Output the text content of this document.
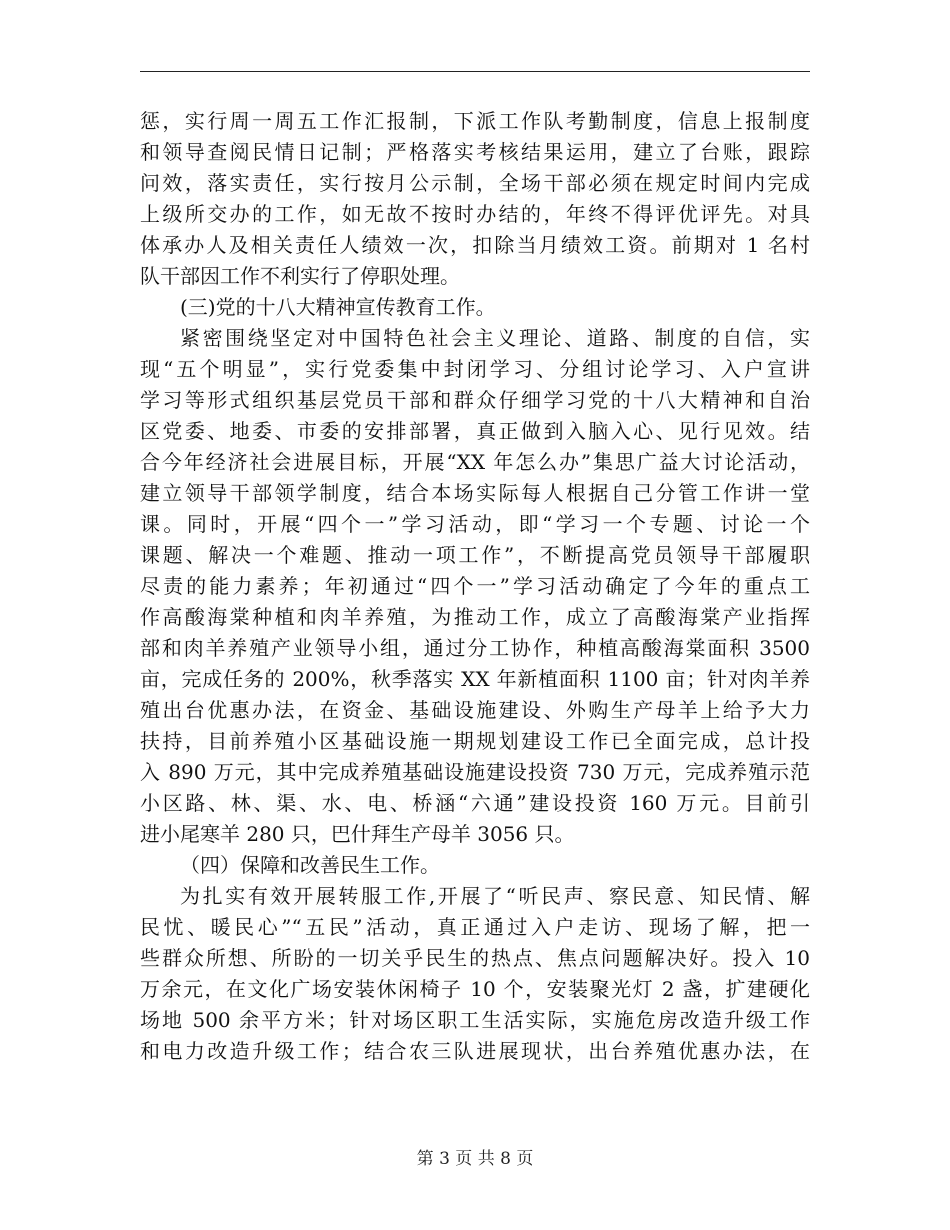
惩，实行周一周五工作汇报制，下派工作队考勤制度，信息上报制度
和领导查阅民情日记制；严格落实考核结果运用，建立了台账，跟踪
问效，落实责任，实行按月公示制，全场干部必须在规定时间内完成
上级所交办的工作，如无故不按时办结的，年终不得评优评先。对具
体承办人及相关责任人绩效一次，扣除当月绩效工资。前期对 1 名村
队干部因工作不利实行了停职处理。
(三)党的十八大精神宣传教育工作。
紧密围绕坚定对中国特色社会主义理论、道路、制度的自信，实
现“五个明显”，实行党委集中封闭学习、分组讨论学习、入户宣讲
学习等形式组织基层党员干部和群众仔细学习党的十八大精神和自治
区党委、地委、市委的安排部署，真正做到入脑入心、见行见效。结
合今年经济社会进展目标，开展“XX 年怎么办”集思广益大讨论活动，
建立领导干部领学制度，结合本场实际每人根据自己分管工作讲一堂
课。同时，开展“四个一”学习活动，即“学习一个专题、讨论一个
课题、解决一个难题、推动一项工作”，不断提高党员领导干部履职
尽责的能力素养；年初通过“四个一”学习活动确定了今年的重点工
作高酸海棠种植和肉羊养殖，为推动工作，成立了高酸海棠产业指挥
部和肉羊养殖产业领导小组，通过分工协作，种植高酸海棠面积 3500
亩，完成任务的 200%，秋季落实 XX 年新植面积 1100 亩；针对肉羊养
殖出台优惠办法，在资金、基础设施建设、外购生产母羊上给予大力
扶持，目前养殖小区基础设施一期规划建设工作已全面完成，总计投
入 890 万元，其中完成养殖基础设施建设投资 730 万元，完成养殖示范
小区路、林、渠、水、电、桥涵“六通”建设投资 160 万元。目前引
进小尾寒羊 280 只，巴什拜生产母羊 3056 只。
（四）保障和改善民生工作。
为扎实有效开展转服工作,开展了“听民声、察民意、知民情、解
民忧、暖民心”“五民”活动，真正通过入户走访、现场了解，把一
些群众所想、所盼的一切关乎民生的热点、焦点问题解决好。投入 10
万余元，在文化广场安装休闲椅子 10 个，安装聚光灯 2 盏，扩建硬化
场地 500 余平方米；针对场区职工生活实际，实施危房改造升级工作
和电力改造升级工作；结合农三队进展现状，出台养殖优惠办法，在
第 3 页 共 8 页
